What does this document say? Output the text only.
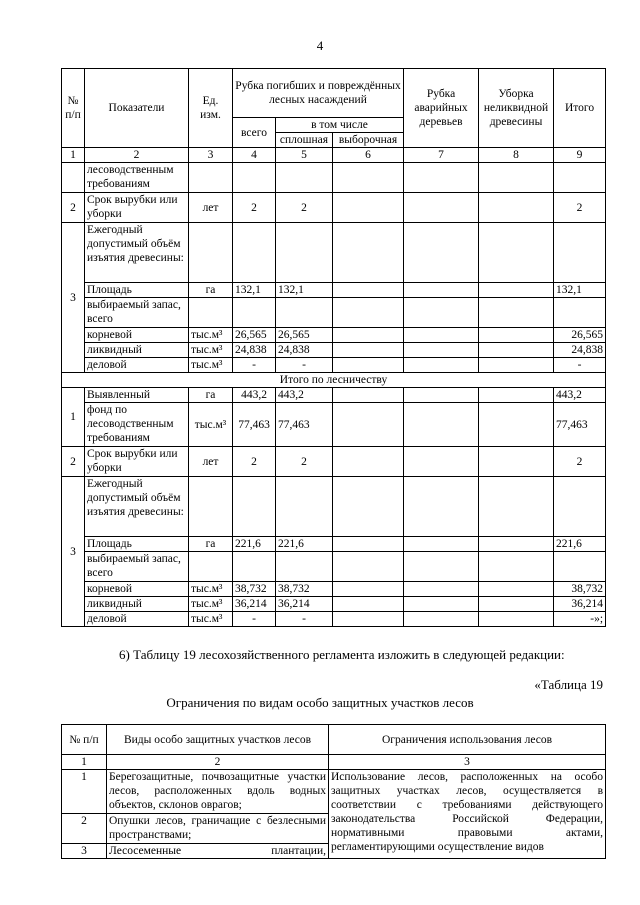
4
№ п/п	Показатели	Ед. изм.	Рубка погибших и повреждённых лесных насаждений			Рубка аварийных деревьев	Уборка неликвидной древесины	Итого
			всего	в том числе				
				сплошная	выборочная			
1	2	3	4	5	6	7	8	9
	лесоводственным требованиям							
2	Срок вырубки или уборки	лет	2	2				2
3	Ежегодный допустимый объём изъятия древесины:							
	Площадь	га	132,1	132,1				132,1
	выбираемый запас, всего							
	корневой	тыс.м³	26,565	26,565				26,565
	ликвидный	тыс.м³	24,838	24,838				24,838
	деловой	тыс.м³	-	-				-
Итого по лесничеству								
1	Выявленный	га	443,2	443,2				443,2
	фонд по лесоводственным требованиям	тыс.м³	77,463	77,463				77,463
2	Срок вырубки или уборки	лет	2	2				2
3	Ежегодный допустимый объём изъятия древесины:							
	Площадь	га	221,6	221,6				221,6
	выбираемый запас, всего							
	корневой	тыс.м³	38,732	38,732				38,732
	ликвидный	тыс.м³	36,214	36,214				36,214
	деловой	тыс.м³	-	-				-»;
6) Таблицу 19 лесохозяйственного регламента изложить в следующей редакции:
«Таблица 19
Ограничения по видам особо защитных участков лесов
№ п/п	Виды особо защитных участков лесов	Ограничения использования лесов
1	2	3
1	Берегозащитные, почвозащитные участки лесов, расположенных вдоль водных объектов, склонов оврагов;	Использование лесов, расположенных на особо защитных участках лесов, осуществляется в соответствии с требованиями действующего законодательства Российской Федерации, нормативными правовыми актами, регламентирующими осуществление видов
2	Опушки лесов, граничащие с безлесными пространствами;	
3	Лесосеменные плантации,	
